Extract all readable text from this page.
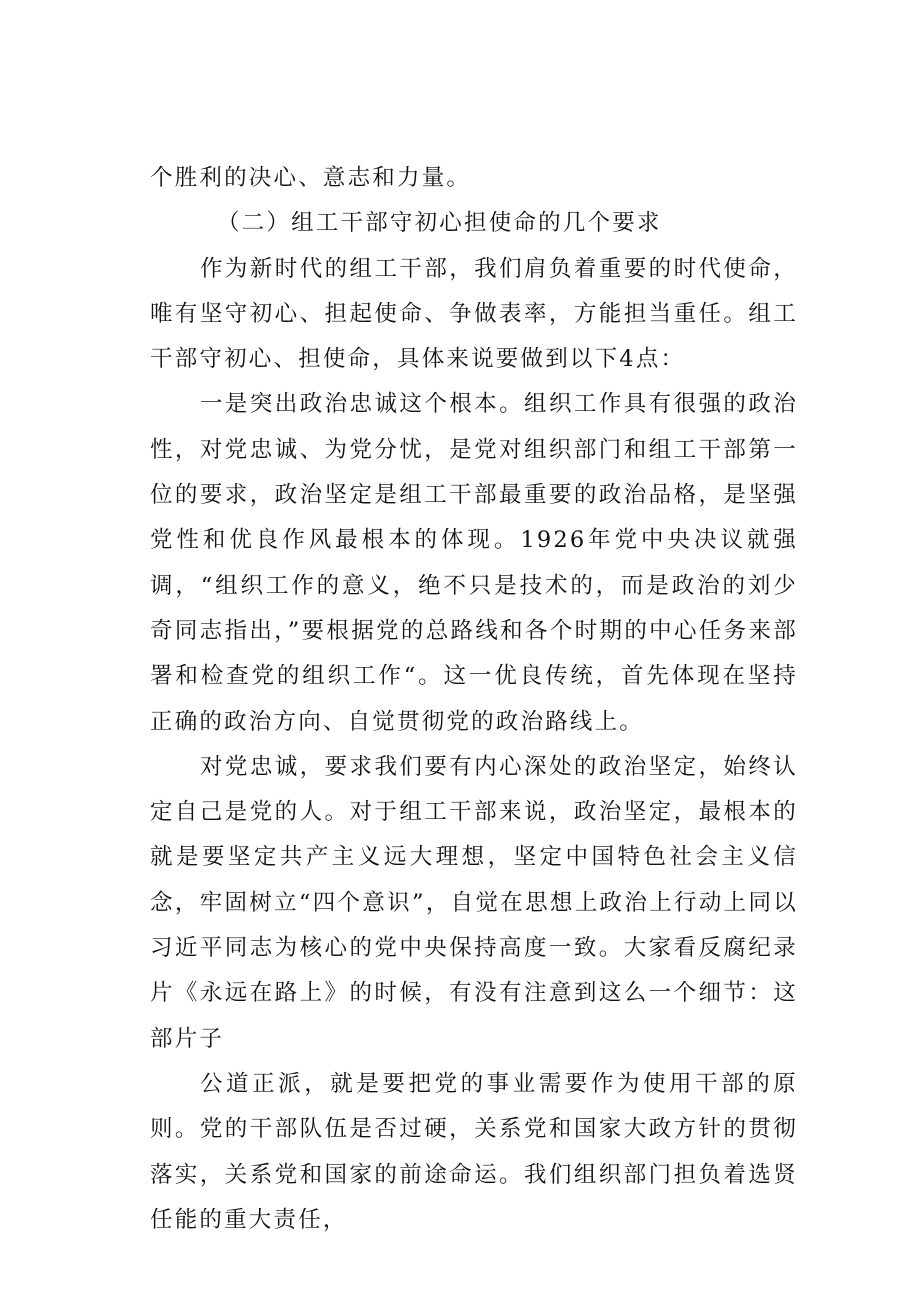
个胜利的决心、意志和力量。

（二）组工干部守初心担使命的几个要求

作为新时代的组工干部，我们肩负着重要的时代使命，唯有坚守初心、担起使命、争做表率，方能担当重任。组工干部守初心、担使命，具体来说要做到以下4点：

一是突出政治忠诚这个根本。组织工作具有很强的政治性，对党忠诚、为党分忧，是党对组织部门和组工干部第一位的要求，政治坚定是组工干部最重要的政治品格，是坚强党性和优良作风最根本的体现。1926年党中央决议就强调，“组织工作的意义，绝不只是技术的，而是政治的刘少奇同志指出，”要根据党的总路线和各个时期的中心任务来部署和检查党的组织工作“。这一优良传统，首先体现在坚持正确的政治方向、自觉贯彻党的政治路线上。

对党忠诚，要求我们要有内心深处的政治坚定，始终认定自己是党的人。对于组工干部来说，政治坚定，最根本的就是要坚定共产主义远大理想，坚定中国特色社会主义信念，牢固树立“四个意识”，自觉在思想上政治上行动上同以习近平同志为核心的党中央保持高度一致。大家看反腐纪录片《永远在路上》的时候，有没有注意到这么一个细节：这部片子

公道正派，就是要把党的事业需要作为使用干部的原则。党的干部队伍是否过硬，关系党和国家大政方针的贯彻落实，关系党和国家的前途命运。我们组织部门担负着选贤任能的重大责任，
